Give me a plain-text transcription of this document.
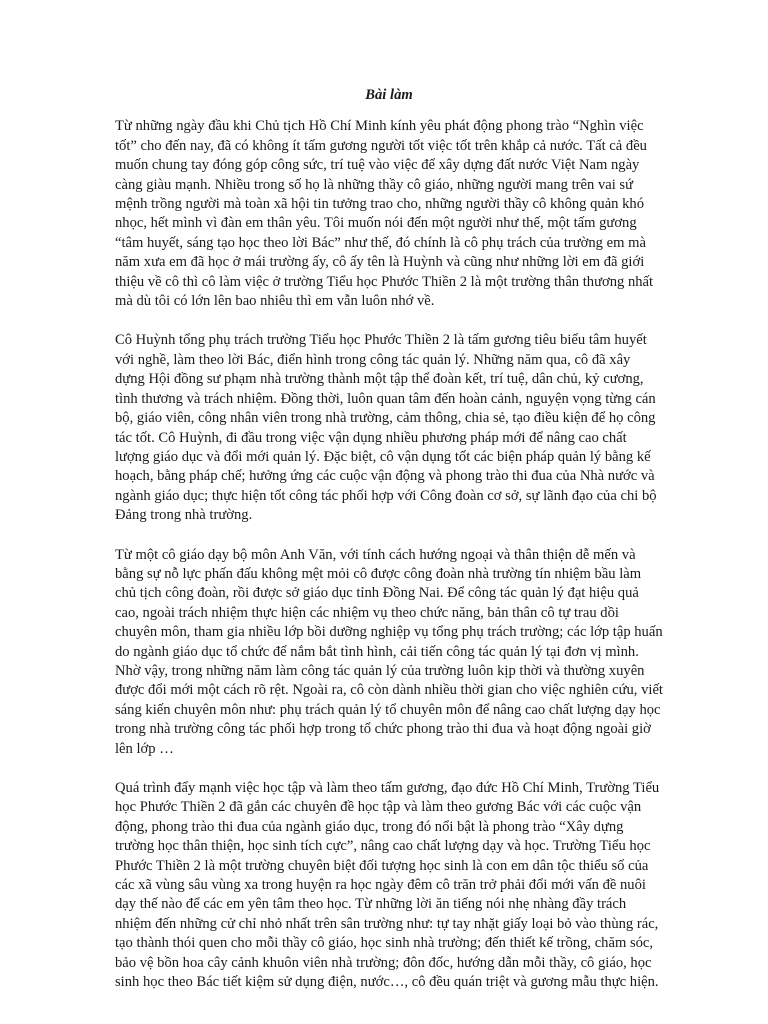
Bài làm

Từ những ngày đầu khi Chủ tịch Hồ Chí Minh kính yêu phát động phong trào “Nghìn việc tốt” cho đến nay, đã có không ít tấm gương người tốt việc tốt trên khắp cả nước. Tất cả đều muốn chung tay đóng góp công sức, trí tuệ vào việc để xây dựng đất nước Việt Nam ngày càng giàu mạnh. Nhiều trong số họ là những thầy cô giáo, những người mang trên vai sứ mệnh trồng người mà toàn xã hội tin tưởng trao cho, những người thầy cô không quản khó nhọc, hết mình vì đàn em thân yêu. Tôi muốn nói đến một người như thế, một tấm gương “tâm huyết, sáng tạo học theo lời Bác” như thế, đó chính là cô phụ trách của trường em mà năm xưa em đã học ở mái trường ấy, cô ấy tên là Huỳnh và cũng như những lời em đã giới thiệu về cô thì cô làm việc ở trường Tiểu học Phước Thiền 2 là một trường thân thương nhất mà dù tôi có lớn lên bao nhiêu thì em vẫn luôn nhớ về.

Cô Huỳnh tổng phụ trách trường Tiểu học Phước Thiền 2 là tấm gương tiêu biểu tâm huyết với nghề, làm theo lời Bác, điển hình trong công tác quản lý. Những năm qua, cô đã xây dựng Hội đồng sư phạm nhà trường thành một tập thể đoàn kết, trí tuệ, dân chủ, kỷ cương, tình thương và trách nhiệm. Đồng thời, luôn quan tâm đến hoàn cảnh, nguyện vọng từng cán bộ, giáo viên, công nhân viên trong nhà trường, cảm thông, chia sẻ, tạo điều kiện để họ công tác tốt. Cô Huỳnh, đi đầu trong việc vận dụng nhiều phương pháp mới để nâng cao chất lượng giáo dục và đổi mới quản lý. Đặc biệt, cô vận dụng tốt các biện pháp quản lý bằng kế hoạch, bằng pháp chế; hưởng ứng các cuộc vận động và phong trào thi đua của Nhà nước và ngành giáo dục; thực hiện tốt công tác phối hợp với Công đoàn cơ sở, sự lãnh đạo của chi bộ Đảng trong nhà trường.

Từ một cô giáo dạy bộ môn Anh Văn, với tính cách hướng ngoại và thân thiện dễ mến và bằng sự nỗ lực phấn đấu không mệt mỏi cô được công đoàn nhà trường tín nhiệm bầu làm chủ tịch công đoàn, rồi được sở giáo dục tỉnh Đồng Nai. Để công tác quản lý đạt hiệu quả cao, ngoài trách nhiệm thực hiện các nhiệm vụ theo chức năng, bản thân cô tự trau dồi chuyên môn, tham gia nhiều lớp bồi dưỡng nghiệp vụ tổng phụ trách trường; các lớp tập huấn do ngành giáo dục tổ chức để nắm bắt tình hình, cải tiến công tác quản lý tại đơn vị mình. Nhờ vậy, trong những năm làm công tác quản lý của trường luôn kịp thời và thường xuyên được đổi mới một cách rõ rệt. Ngoài ra, cô còn dành nhiều thời gian cho việc nghiên cứu, viết sáng kiến chuyên môn như: phụ trách quản lý tổ chuyên môn để nâng cao chất lượng dạy học trong nhà trường công tác phối hợp trong tổ chức phong trào thi đua và hoạt động ngoài giờ lên lớp …

Quá trình đẩy mạnh việc học tập và làm theo tấm gương, đạo đức Hồ Chí Minh, Trường Tiểu học Phước Thiền 2 đã gắn các chuyên đề học tập và làm theo gương Bác với các cuộc vận động, phong trào thi đua của ngành giáo dục, trong đó nổi bật là phong trào “Xây dựng trường học thân thiện, học sinh tích cực”, nâng cao chất lượng dạy và học. Trường Tiểu học Phước Thiền 2 là một trường chuyên biệt đối tượng học sinh là con em dân tộc thiểu số của các xã vùng sâu vùng xa trong huyện ra học ngày đêm cô trăn trở phải đổi mới vấn đề nuôi dạy thế nào để các em yên tâm theo học. Từ những lời ăn tiếng nói nhẹ nhàng đầy trách nhiệm đến những cử chỉ nhỏ nhất trên sân trường như: tự tay nhặt giấy loại bỏ vào thùng rác, tạo thành thói quen cho mỗi thầy cô giáo, học sinh nhà trường; đến thiết kế trồng, chăm sóc, bảo vệ bồn hoa cây cảnh khuôn viên nhà trường; đôn đốc, hướng dẫn mỗi thầy, cô giáo, học sinh học theo Bác tiết kiệm sử dụng điện, nước…, cô đều quán triệt và gương mẫu thực hiện.
